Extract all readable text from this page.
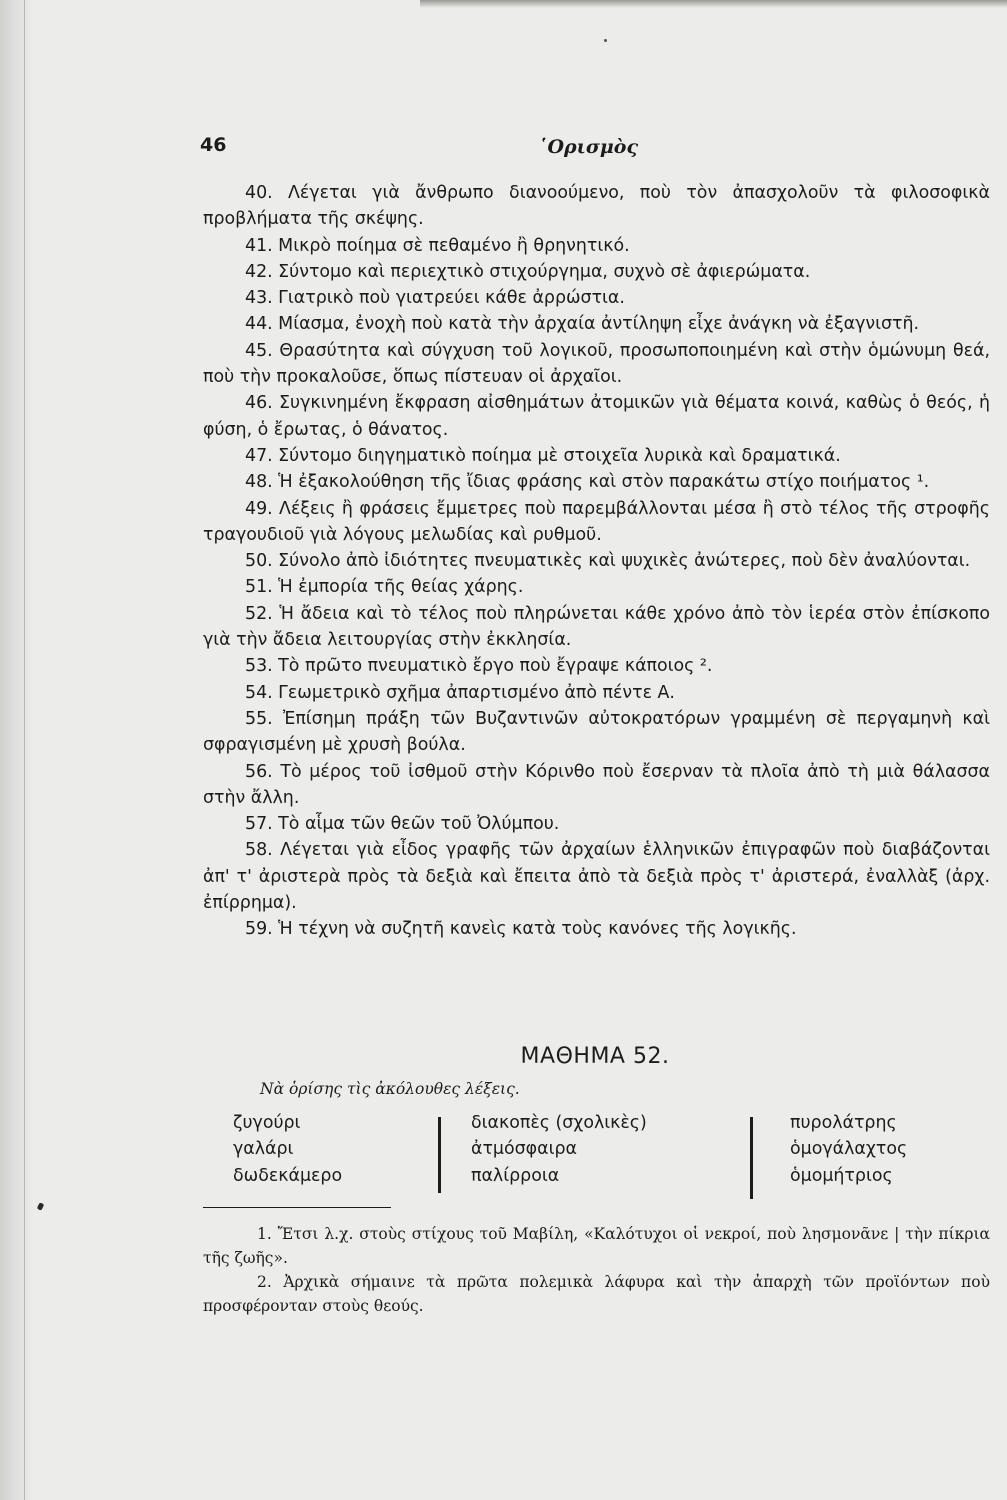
46	῾Ορισμὸς

40. Λέγεται γιὰ ἄνθρωπο διανοούμενο, ποὺ τὸν ἀπασχολοῦν τὰ φιλοσοφικὰ προβλήματα τῆς σκέψης.

41. Μικρὸ ποίημα σὲ πεθαμένο ἢ θρηνητικό.

42. Σύντομο καὶ περιεχτικὸ στιχούργημα, συχνὸ σὲ ἀφιερώματα.

43. Γιατρικὸ ποὺ γιατρεύει κάθε ἀρρώστια.

44. Μίασμα, ἐνοχὴ ποὺ κατὰ τὴν ἀρχαία ἀντίληψη εἶχε ἀνάγκη νὰ ἐξαγνιστῆ.

45. Θρασύτητα καὶ σύγχυση τοῦ λογικοῦ, προσωποποιημένη καὶ στὴν ὁμώνυμη θεά, ποὺ τὴν προκαλοῦσε, ὅπως πίστευαν οἱ ἀρχαῖοι.

46. Συγκινημένη ἔκφραση αἰσθημάτων ἀτομικῶν γιὰ θέματα κοινά, καθὼς ὁ θεός, ἡ φύση, ὁ ἔρωτας, ὁ θάνατος.

47. Σύντομο διηγηματικὸ ποίημα μὲ στοιχεῖα λυρικὰ καὶ δραματικά.

48. Ἡ ἐξακολούθηση τῆς ἴδιας φράσης καὶ στὸν παρακάτω στίχο ποιήματος ¹.

49. Λέξεις ἢ φράσεις ἔμμετρες ποὺ παρεμβάλλονται μέσα ἢ στὸ τέλος τῆς στροφῆς τραγουδιοῦ γιὰ λόγους μελωδίας καὶ ρυθμοῦ.

50. Σύνολο ἀπὸ ἰδιότητες πνευματικὲς καὶ ψυχικὲς ἀνώτερες, ποὺ δὲν ἀναλύονται.

51. Ἡ ἐμπορία τῆς θείας χάρης.

52. Ἡ ἄδεια καὶ τὸ τέλος ποὺ πληρώνεται κάθε χρόνο ἀπὸ τὸν ἱερέα στὸν ἐπίσκοπο γιὰ τὴν ἄδεια λειτουργίας στὴν ἐκκλησία.

53. Τὸ πρῶτο πνευματικὸ ἔργο ποὺ ἔγραψε κάποιος ².

54. Γεωμετρικὸ σχῆμα ἀπαρτισμένο ἀπὸ πέντε Α.

55. Ἐπίσημη πράξη τῶν Βυζαντινῶν αὐτοκρατόρων γραμμένη σὲ περγαμηνὴ καὶ σφραγισμένη μὲ χρυσὴ βούλα.

56. Τὸ μέρος τοῦ ἰσθμοῦ στὴν Κόρινθο ποὺ ἔσερναν τὰ πλοῖα ἀπὸ τὴ μιὰ θάλασσα στὴν ἄλλη.

57. Τὸ αἷμα τῶν θεῶν τοῦ Ὀλύμπου.

58. Λέγεται γιὰ εἶδος γραφῆς τῶν ἀρχαίων ἑλληνικῶν ἐπιγραφῶν ποὺ διαβάζονται ἀπ' τ' ἀριστερὰ πρὸς τὰ δεξιὰ καὶ ἔπειτα ἀπὸ τὰ δεξιὰ πρὸς τ' ἀριστερά, ἐναλλὰξ (ἀρχ. ἐπίρρημα).

59. Ἡ τέχνη νὰ συζητῆ κανεὶς κατὰ τοὺς κανόνες τῆς λογικῆς.

ΜΑΘΗΜΑ 52.
Νὰ ὁρίσης τὶς ἀκόλουθες λέξεις.
ζυγούρι
γαλάρι
δωδεκάμερο
διακοπὲς (σχολικὲς)
ἀτμόσφαιρα
παλίρροια
πυρολάτρης
ὁμογάλαχτος
ὁμομήτριος

1. Ἔτσι λ.χ. στοὺς στίχους τοῦ Μαβίλη, «Καλότυχοι οἱ νεκροί, ποὺ λησμονᾶνε | τὴν πίκρια τῆς ζωῆς».

2. Ἀρχικὰ σήμαινε τὰ πρῶτα πολεμικὰ λάφυρα καὶ τὴν ἀπαρχὴ τῶν προϊόντων ποὺ προσφέρονταν στοὺς θεούς.
